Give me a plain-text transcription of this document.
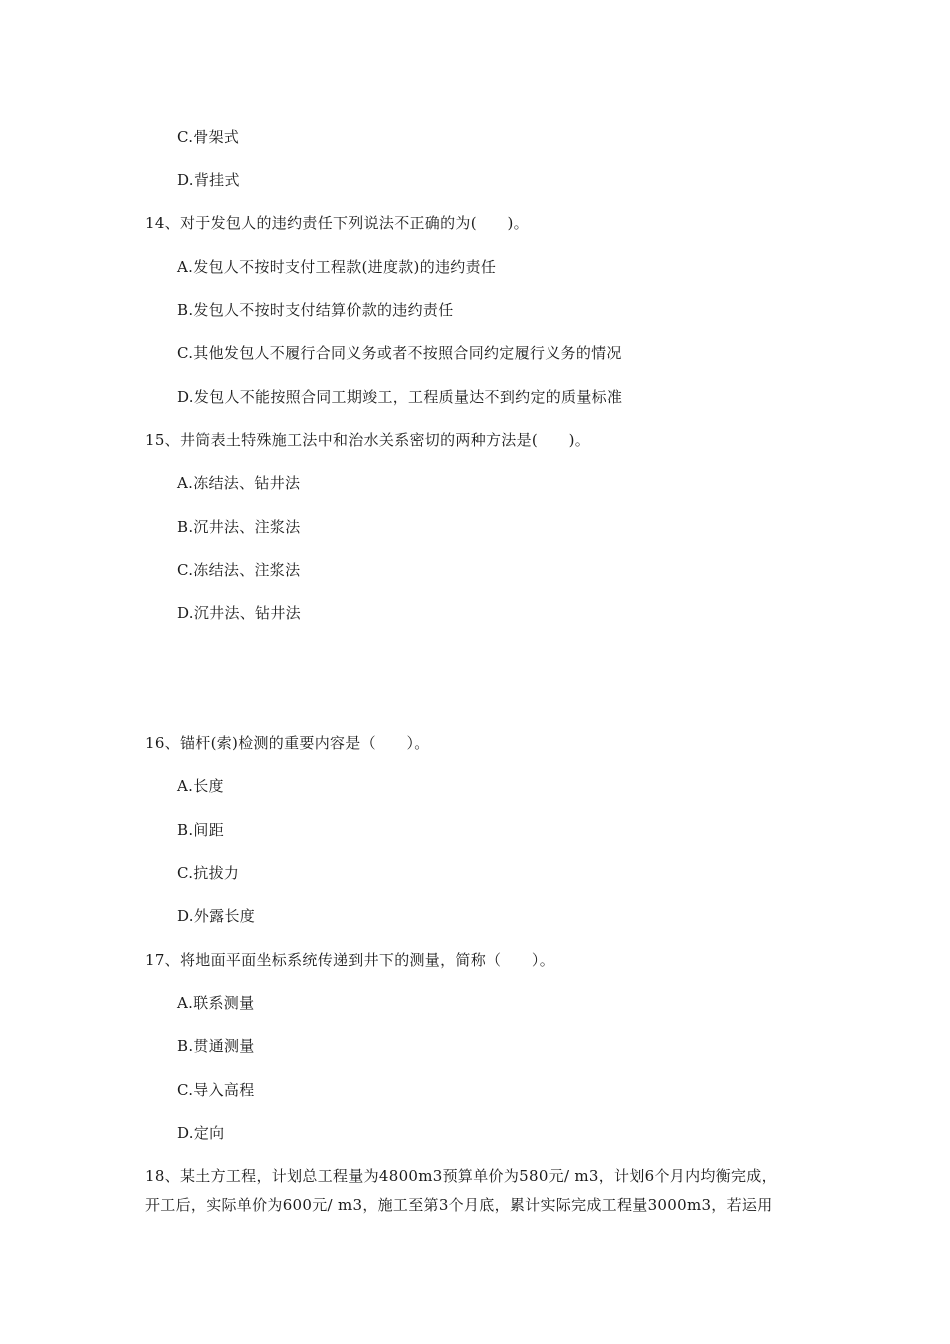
C.骨架式
D.背挂式
14、对于发包人的违约责任下列说法不正确的为(　　)。
A.发包人不按时支付工程款(进度款)的违约责任
B.发包人不按时支付结算价款的违约责任
C.其他发包人不履行合同义务或者不按照合同约定履行义务的情况
D.发包人不能按照合同工期竣工，工程质量达不到约定的质量标准
15、井筒表土特殊施工法中和治水关系密切的两种方法是(　　)。
A.冻结法、钻井法
B.沉井法、注浆法
C.冻结法、注浆法
D.沉井法、钻井法
16、锚杆(索)检测的重要内容是（　　）。
A.长度
B.间距
C.抗拔力
D.外露长度
17、将地面平面坐标系统传递到井下的测量，简称（　　）。
A.联系测量
B.贯通测量
C.导入高程
D.定向
18、某土方工程，计划总工程量为4800m3预算单价为580元/ m3，计划6个月内均衡完成，
开工后，实际单价为600元/ m3，施工至第3个月底，累计实际完成工程量3000m3，若运用
